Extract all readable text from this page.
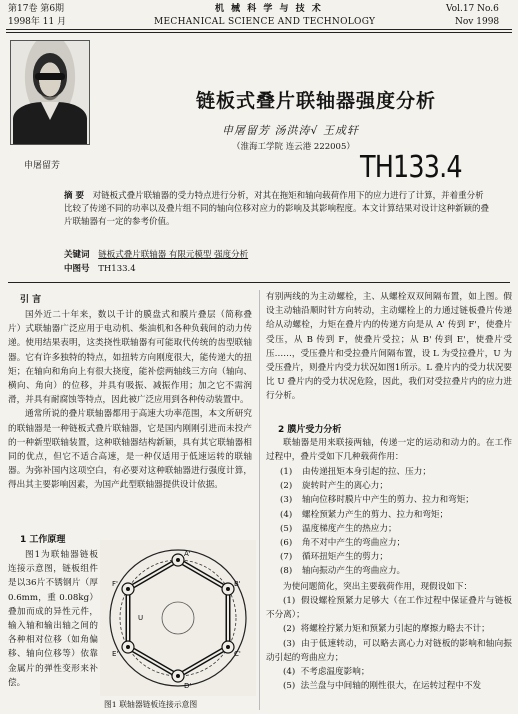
第17卷 第6期	机 械 科 学 与 技 术	Vol.17 No.6
1998年 11 月	MECHANICAL SCIENCE AND TECHNOLOGY	Nov 1998
申屠留芳
链板式叠片联轴器强度分析
申屠留芳 汤洪涛√ 王成轩
（淮海工学院 连云港 222005）
TH133.4
摘 要 对链板式叠片联轴器的受力特点进行分析，对其在拖矩和轴向载荷作用下的应力进行了计算，并着重分析比较了传递不同的功率以及叠片组不同的轴向位移对应力的影响及其影响程度。本文计算结果对设计这种新颖的叠片联轴器有一定的参考价值。
关键词 链板式叠片联轴器 有限元模型 强度分析
中图号 TH133.4
引 言

国外近二十年来，数以千计的膜盘式和膜片叠层（简称叠片）式联轴器广泛应用于电动机、柴油机和各种负载间的动力传递。使用结果表明，这类挠性联轴器有可能取代传统的齿型联轴器。它有许多独特的特点，如扭转方向刚度很大，能传递大的扭矩；在轴向和角向上有很大挠度，能补偿两轴线三方向（轴向、横向、角向）的位移，并具有吸振、减振作用；加之它不需润滑，并具有耐腐蚀等特点，因此被广泛应用到各种传动装置中。

通常所说的叠片联轴器都用于高速大功率范围，本文所研究的联轴器是一种链板式叠片联轴器，它是国内刚刚引进而未投产的一种新型联轴装置，这种联轴器结构新颖，具有其它联轴器相同的优点，但它不适合高速，是一种仅适用于低速运转的联轴器。为弥补国内这项空白，有必要对这种联轴器进行强度计算，得出其主要影响因素，为国产此型联轴器提供设计依据。

1 工作原理

图1为联轴器链板连接示意图，链板组件是以36片不锈钢片（厚 0.6mm，重 0.08kg）叠加而成的异性元件，输入轴和输出轴之间的各种相对位移（如角偏移、轴向位移等）依靠金属片的弹性变形来补偿。

A'
B'
C'
D'
E'
F'
U
图1 联轴器链板连接示意图

有别两线的为主动螺栓，主、从螺栓双双间隔布置，如上图。假设主动轴沿顺时针方向转动，主动螺栓上的力通过链板叠片传递给从动螺栓，力矩在叠片内的传递方向是从 A' 传到 F'，使叠片受压，从 B 传到 F，使叠片受拉；从 B' 传到 E'，使叠片受压……，受压叠片和受拉叠片间隔布置，设 L 为受拉叠片，U 为受压叠片，则叠片内受力状况如图1所示。L 叠片内的受力状况要比 U 叠片内的受力状况危险，因此，我们对受拉叠片内的应力进行分析。

2 膜片受力分析

联轴器是用来联接两轴，传递一定的运动和动力的。在工作过程中，叠片受如下几种载荷作用：

(1) 由传递扭矩本身引起的拉、压力；
(2) 旋转时产生的离心力；
(3) 轴向位移时膜片中产生的剪力、拉力和弯矩；
(4) 螺栓预紧力产生的剪力、拉力和弯矩；
(5) 温度梯度产生的热应力；
(6) 角不对中产生的弯曲应力；
(7) 循环扭矩产生的剪力；
(8) 轴向振动产生的弯曲应力。

为使问题简化，突出主要载荷作用，现假设如下：

(1) 假设螺栓预紧力足够大（在工作过程中保证叠片与链板不分离）；

(2) 将螺栓拧紧力矩和预紧力引起的摩擦力略去不计；

(3) 由于低速转动，可以略去离心力对链板的影响和轴向振动引起的弯曲应力；

(4) 不考虑温度影响；

(5) 法兰盘与中间轴的刚性很大，在运转过程中不发
